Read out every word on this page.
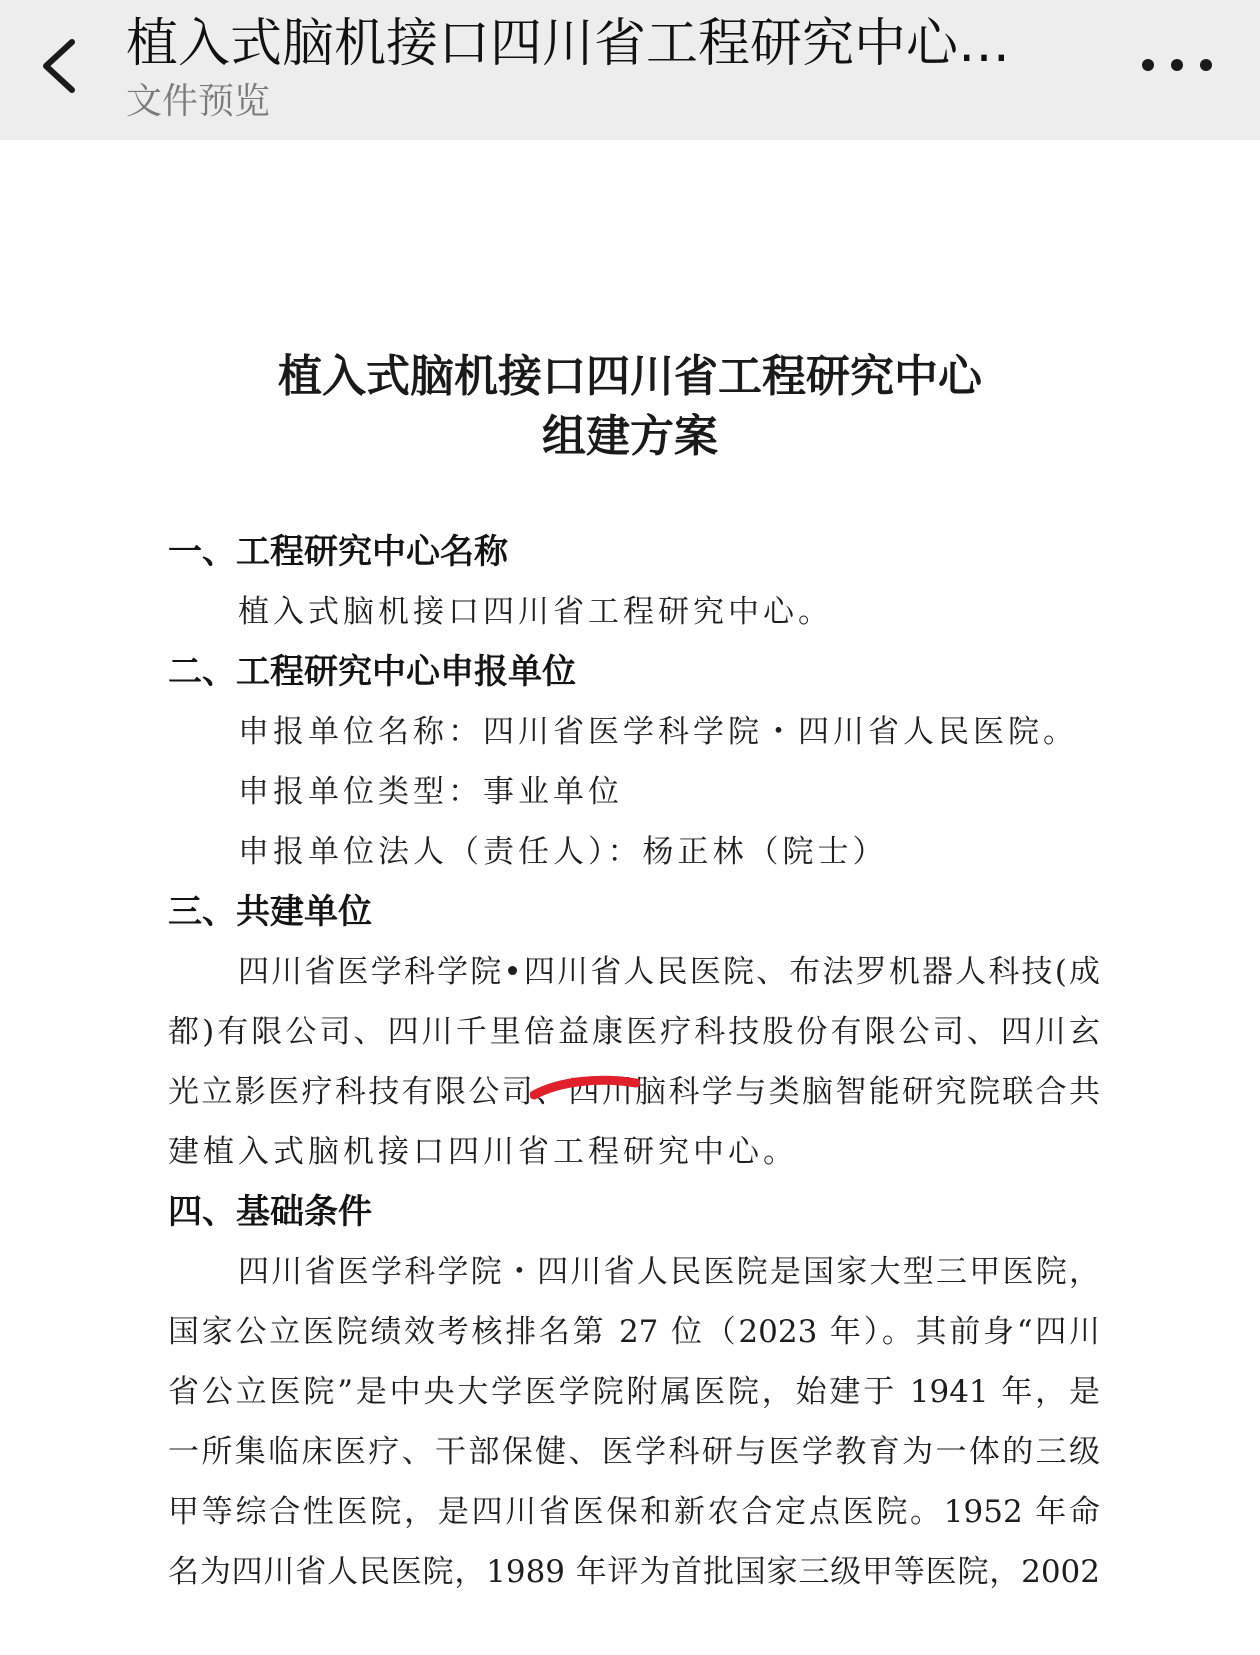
植入式脑机接口四川省工程研究中心…
文件预览
植入式脑机接口四川省工程研究中心
组建方案
一、工程研究中心名称
植入式脑机接口四川省工程研究中心。
二、工程研究中心申报单位
申报单位名称：四川省医学科学院・四川省人民医院。
申报单位类型：事业单位
申报单位法人（责任人）：杨正林（院士）
三、共建单位
四川省医学科学院•四川省人民医院、布法罗机器人科技(成
都)有限公司、四川千里倍益康医疗科技股份有限公司、四川玄
光立影医疗科技有限公司、四川脑科学与类脑智能研究院联合共
建植入式脑机接口四川省工程研究中心。
四、基础条件
四川省医学科学院・四川省人民医院是国家大型三甲医院，
国家公立医院绩效考核排名第 27 位（2023 年）。其前身“四川
省公立医院”是中央大学医学院附属医院，始建于 1941 年，是
一所集临床医疗、干部保健、医学科研与医学教育为一体的三级
甲等综合性医院，是四川省医保和新农合定点医院。1952 年命
名为四川省人民医院，1989 年评为首批国家三级甲等医院，2002
